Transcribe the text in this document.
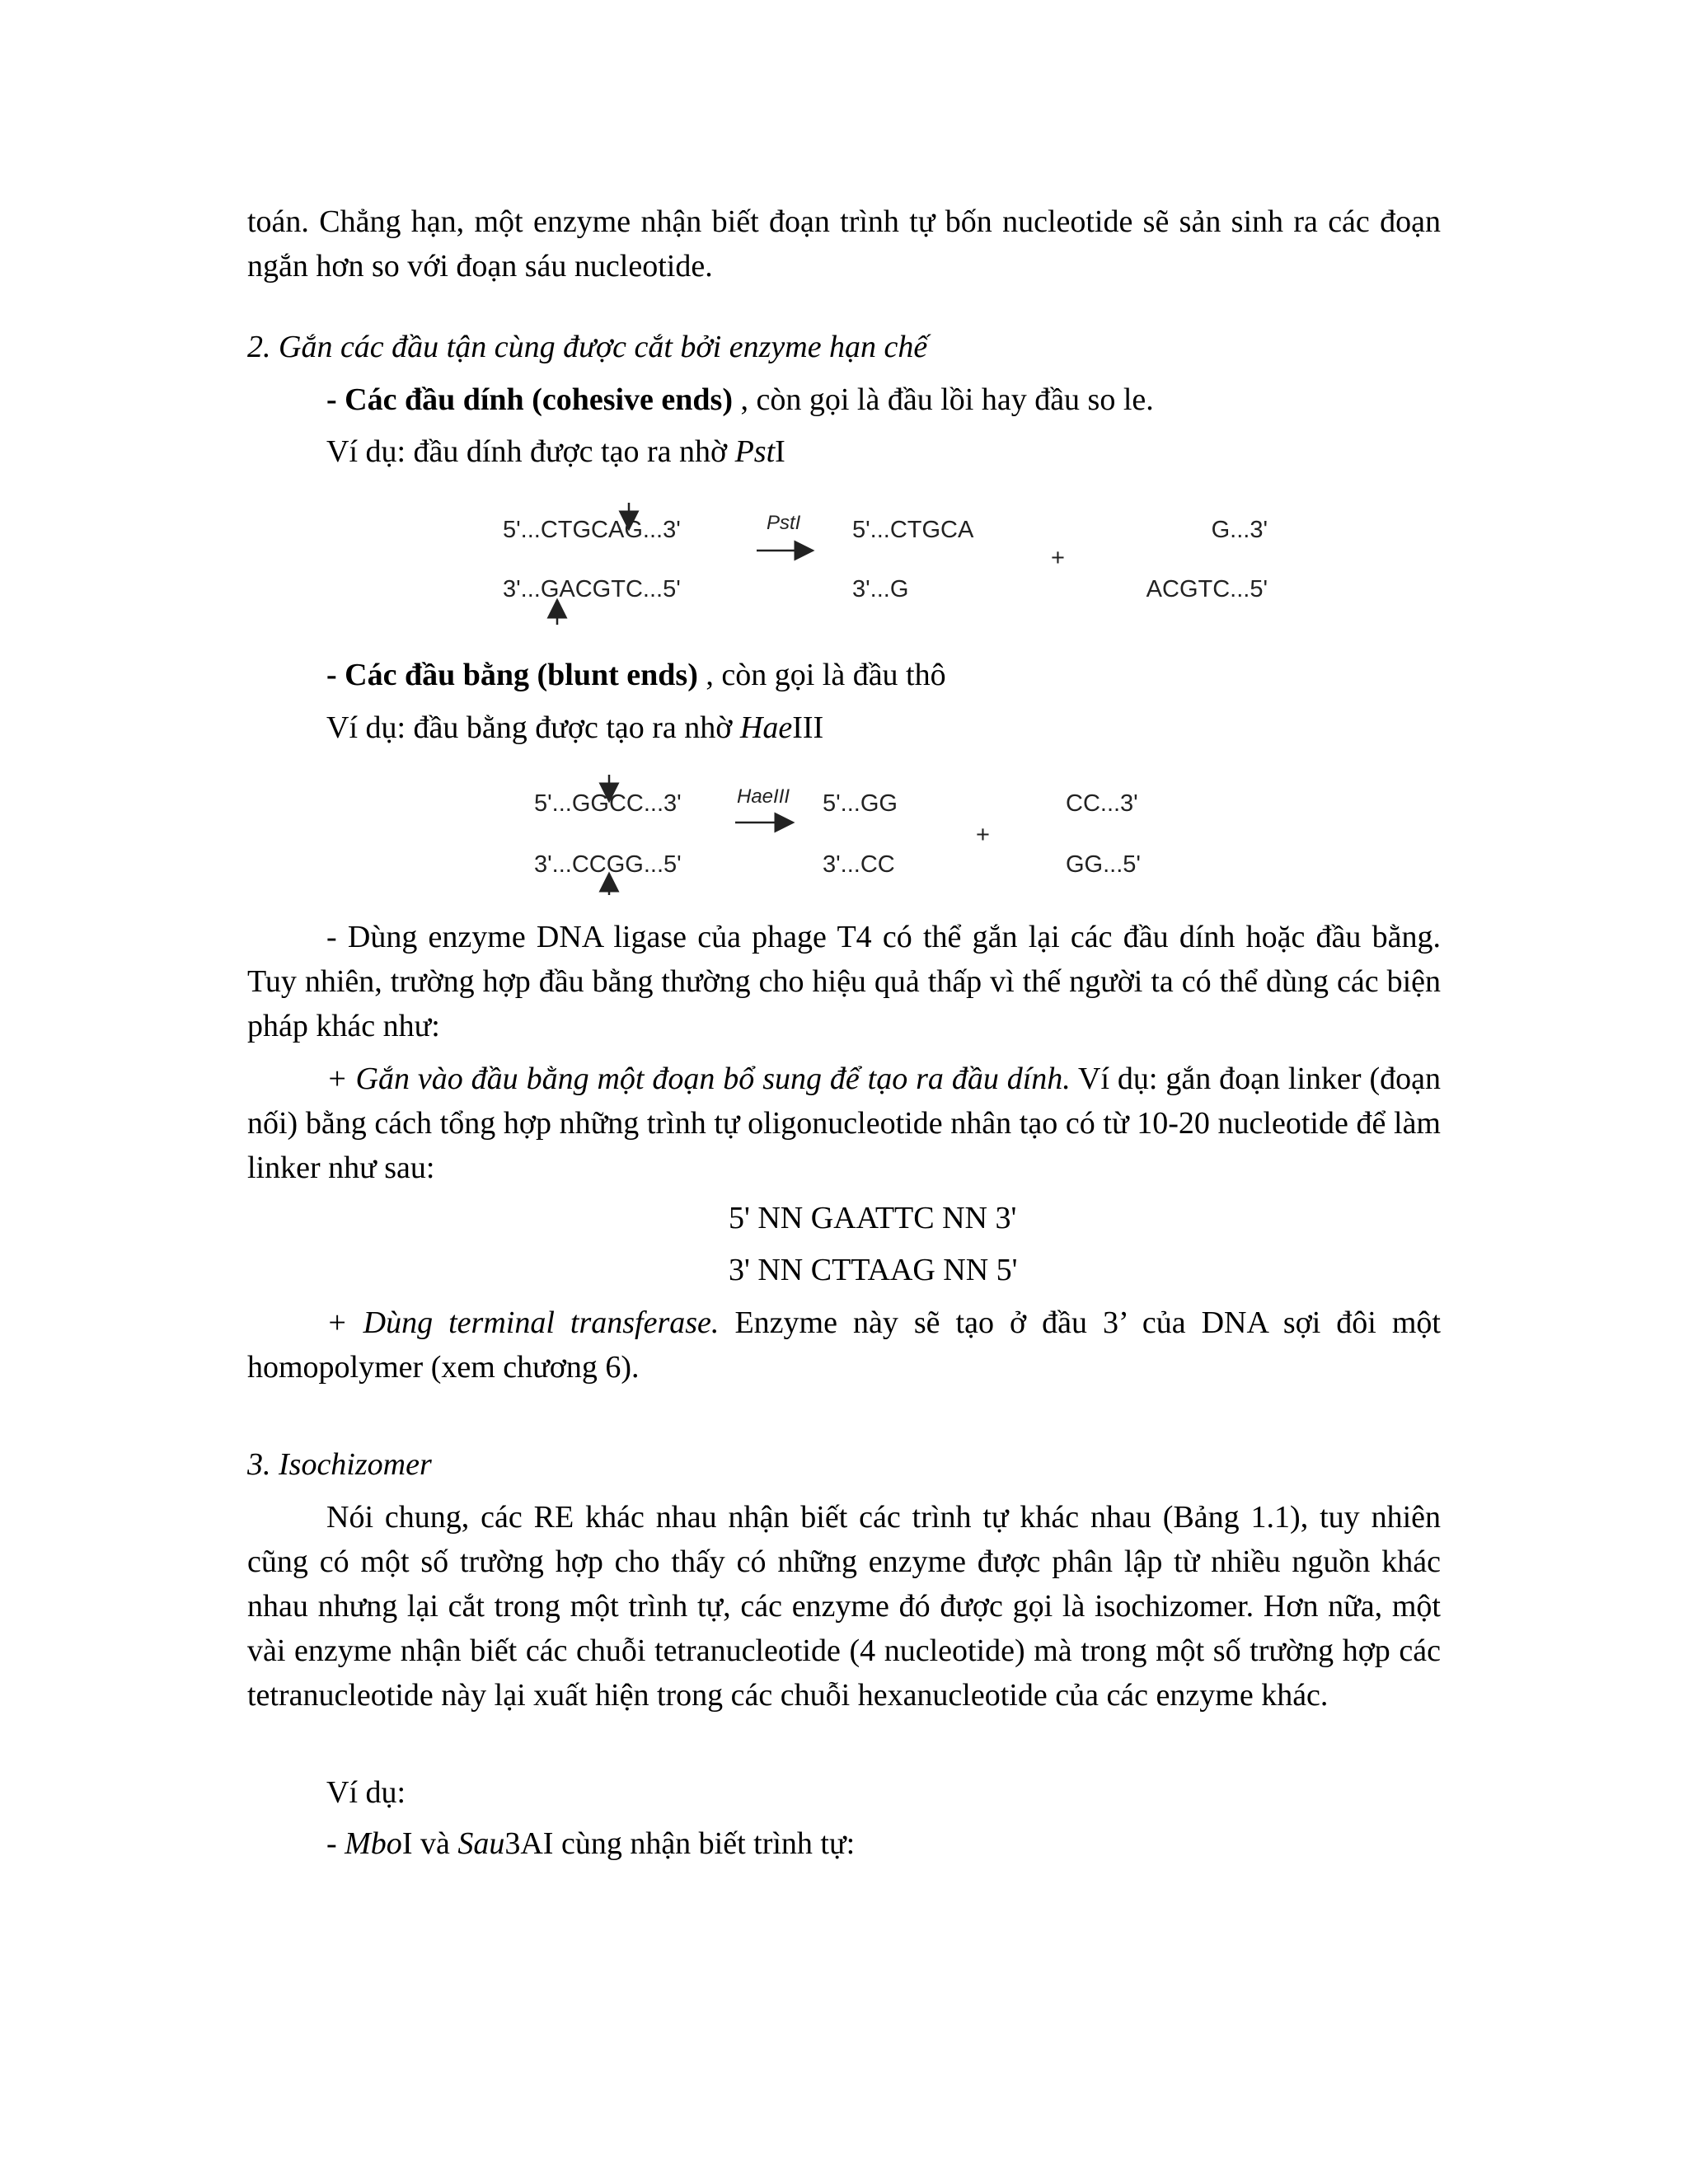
toán. Chẳng hạn, một enzyme nhận biết đoạn trình tự bốn nucleotide sẽ sản sinh ra các đoạn ngắn hơn so với đoạn sáu nucleotide.

2. Gắn các đầu tận cùng được cắt bởi enzyme hạn chế

- Các đầu dính (cohesive ends) , còn gọi là đầu lồi hay đầu so le.

Ví dụ: đầu dính được tạo ra nhờ PstI

5'...CTGCAG...3'
3'...GACGTC...5'
PstI 5'...CTGCA
3'...G
+
G...3'
ACGTC...5'

- Các đầu bằng (blunt ends) , còn gọi là đầu thô

Ví dụ: đầu bằng được tạo ra nhờ HaeIII

5'...GGCC...3'
3'...CCGG...5'
HaeIII 5'...GG
3'...CC
+
CC...3'
GG...5'

- Dùng enzyme DNA ligase của phage T4 có thể gắn lại các đầu dính hoặc đầu bằng. Tuy nhiên, trường hợp đầu bằng thường cho hiệu quả thấp vì thế người ta có thể dùng các biện pháp khác như:

+ Gắn vào đầu bằng một đoạn bổ sung để tạo ra đầu dính. Ví dụ: gắn đoạn linker (đoạn nối) bằng cách tổng hợp những trình tự oligonucleotide nhân tạo có từ 10-20 nucleotide để làm linker như sau:

5' NN GAATTC NN 3'

3' NN CTTAAG NN 5'

+ Dùng terminal transferase. Enzyme này sẽ tạo ở đầu 3’ của DNA sợi đôi một homopolymer (xem chương 6).

3. Isochizomer

Nói chung, các RE khác nhau nhận biết các trình tự khác nhau (Bảng 1.1), tuy nhiên cũng có một số trường hợp cho thấy có những enzyme được phân lập từ nhiều nguồn khác nhau nhưng lại cắt trong một trình tự, các enzyme đó được gọi là isochizomer. Hơn nữa, một vài enzyme nhận biết các chuỗi tetranucleotide (4 nucleotide) mà trong một số trường hợp các tetranucleotide này lại xuất hiện trong các chuỗi hexanucleotide của các enzyme khác.

Ví dụ:

- MboI và Sau3AI cùng nhận biết trình tự:
